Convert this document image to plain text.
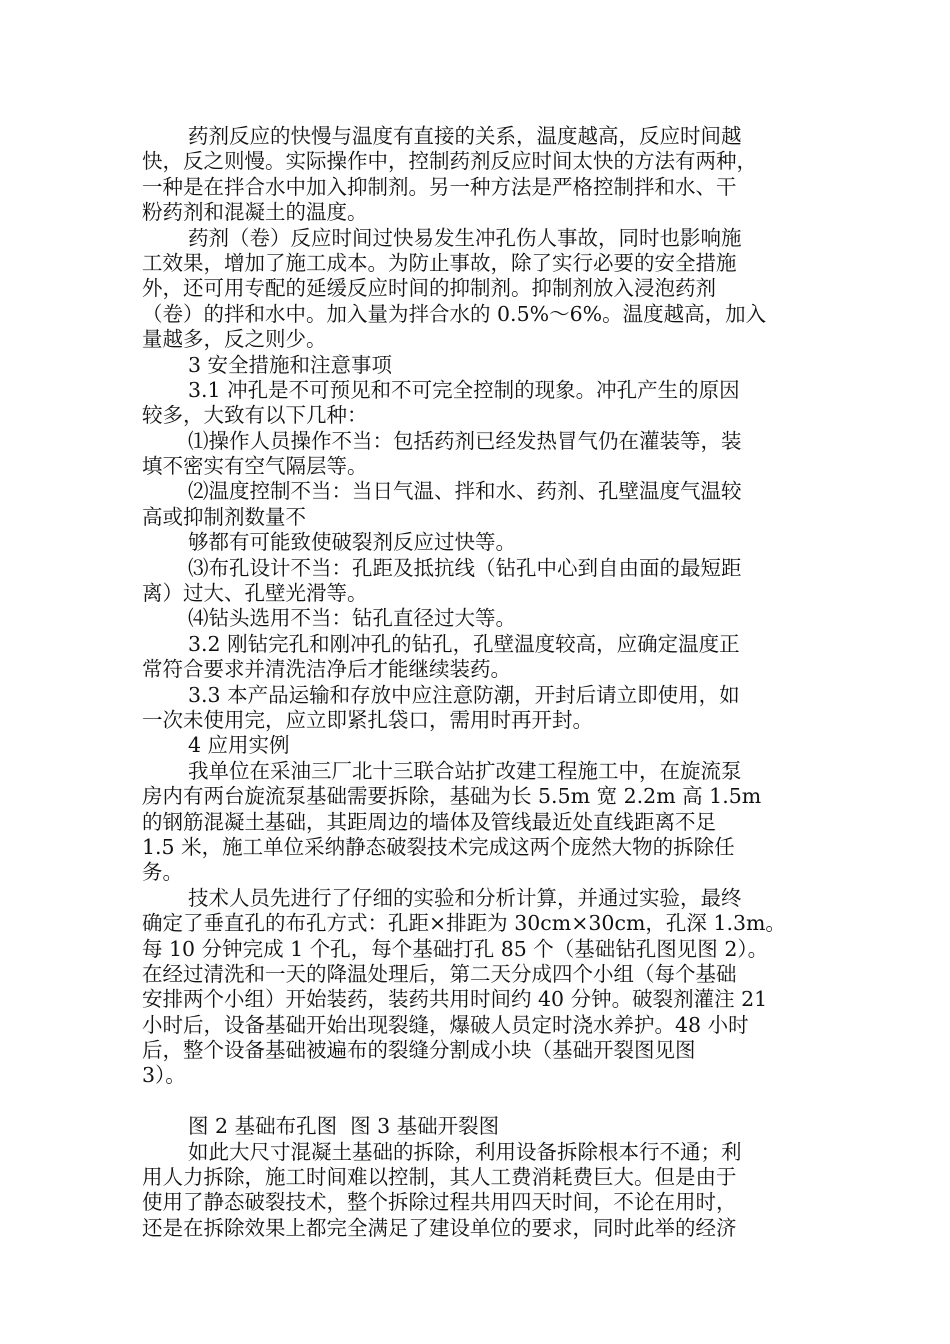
药剂反应的快慢与温度有直接的关系，温度越高，反应时间越
快，反之则慢。实际操作中，控制药剂反应时间太快的方法有两种，
一种是在拌合水中加入抑制剂。另一种方法是严格控制拌和水、干
粉药剂和混凝土的温度。
药剂（卷）反应时间过快易发生冲孔伤人事故，同时也影响施
工效果，增加了施工成本。为防止事故，除了实行必要的安全措施
外，还可用专配的延缓反应时间的抑制剂。抑制剂放入浸泡药剂
（卷）的拌和水中。加入量为拌合水的 0.5%～6%。温度越高，加入
量越多，反之则少。
3 安全措施和注意事项
3.1 冲孔是不可预见和不可完全控制的现象。冲孔产生的原因
较多，大致有以下几种：
⑴操作人员操作不当：包括药剂已经发热冒气仍在灌装等，装
填不密实有空气隔层等。
⑵温度控制不当：当日气温、拌和水、药剂、孔壁温度气温较
高或抑制剂数量不
够都有可能致使破裂剂反应过快等。
⑶布孔设计不当：孔距及抵抗线（钻孔中心到自由面的最短距
离）过大、孔壁光滑等。
⑷钻头选用不当：钻孔直径过大等。
3.2 刚钻完孔和刚冲孔的钻孔，孔壁温度较高，应确定温度正
常符合要求并清洗洁净后才能继续装药。
3.3 本产品运输和存放中应注意防潮，开封后请立即使用，如
一次未使用完，应立即紧扎袋口，需用时再开封。
4 应用实例
我单位在采油三厂北十三联合站扩改建工程施工中，在旋流泵
房内有两台旋流泵基础需要拆除，基础为长 5.5m 宽 2.2m 高 1.5m
的钢筋混凝土基础，其距周边的墙体及管线最近处直线距离不足
1.5 米，施工单位采纳静态破裂技术完成这两个庞然大物的拆除任
务。
技术人员先进行了仔细的实验和分析计算，并通过实验，最终
确定了垂直孔的布孔方式：孔距×排距为 30cm×30cm，孔深 1.3m。
每 10 分钟完成 1 个孔，每个基础打孔 85 个（基础钻孔图见图 2）。
在经过清洗和一天的降温处理后，第二天分成四个小组（每个基础
安排两个小组）开始装药，装药共用时间约 40 分钟。破裂剂灌注 21
小时后，设备基础开始出现裂缝，爆破人员定时浇水养护。48 小时
后，整个设备基础被遍布的裂缝分割成小块（基础开裂图见图
3）。
图 2 基础布孔图  图 3 基础开裂图
如此大尺寸混凝土基础的拆除，利用设备拆除根本行不通；利
用人力拆除，施工时间难以控制，其人工费消耗费巨大。但是由于
使用了静态破裂技术，整个拆除过程共用四天时间，不论在用时，
还是在拆除效果上都完全满足了建设单位的要求，同时此举的经济
